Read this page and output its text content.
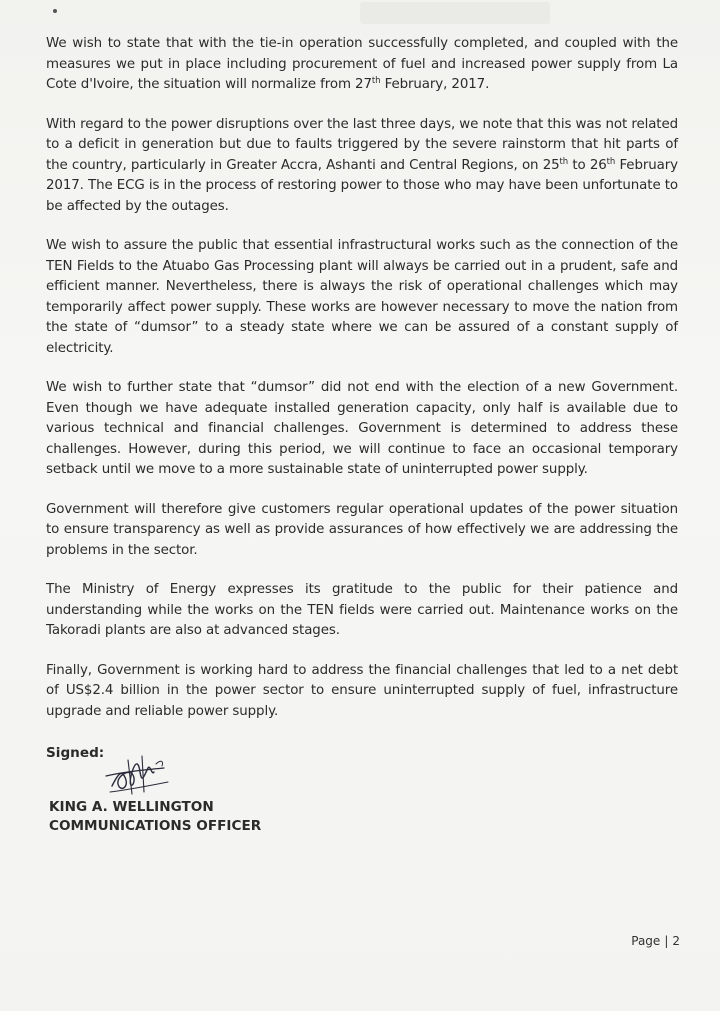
We wish to state that with the tie-in operation successfully completed, and coupled with the measures we put in place including procurement of fuel and increased power supply from La Cote d'Ivoire, the situation will normalize from 27th February, 2017.

With regard to the power disruptions over the last three days, we note that this was not related to a deficit in generation but due to faults triggered by the severe rainstorm that hit parts of the country, particularly in Greater Accra, Ashanti and Central Regions, on 25th to 26th February 2017. The ECG is in the process of restoring power to those who may have been unfortunate to be affected by the outages.

We wish to assure the public that essential infrastructural works such as the connection of the TEN Fields to the Atuabo Gas Processing plant will always be carried out in a prudent, safe and efficient manner. Nevertheless, there is always the risk of operational challenges which may temporarily affect power supply. These works are however necessary to move the nation from the state of “dumsor” to a steady state where we can be assured of a constant supply of electricity.

We wish to further state that “dumsor” did not end with the election of a new Government. Even though we have adequate installed generation capacity, only half is available due to various technical and financial challenges. Government is determined to address these challenges. However, during this period, we will continue to face an occasional temporary setback until we move to a more sustainable state of uninterrupted power supply.

Government will therefore give customers regular operational updates of the power situation to ensure transparency as well as provide assurances of how effectively we are addressing the problems in the sector.

The Ministry of Energy expresses its gratitude to the public for their patience and understanding while the works on the TEN fields were carried out. Maintenance works on the Takoradi plants are also at advanced stages.

Finally, Government is working hard to address the financial challenges that led to a net debt of US$2.4 billion in the power sector to ensure uninterrupted supply of fuel, infrastructure upgrade and reliable power supply.

Signed:
KING A. WELLINGTON
COMMUNICATIONS OFFICER
Page | 2
